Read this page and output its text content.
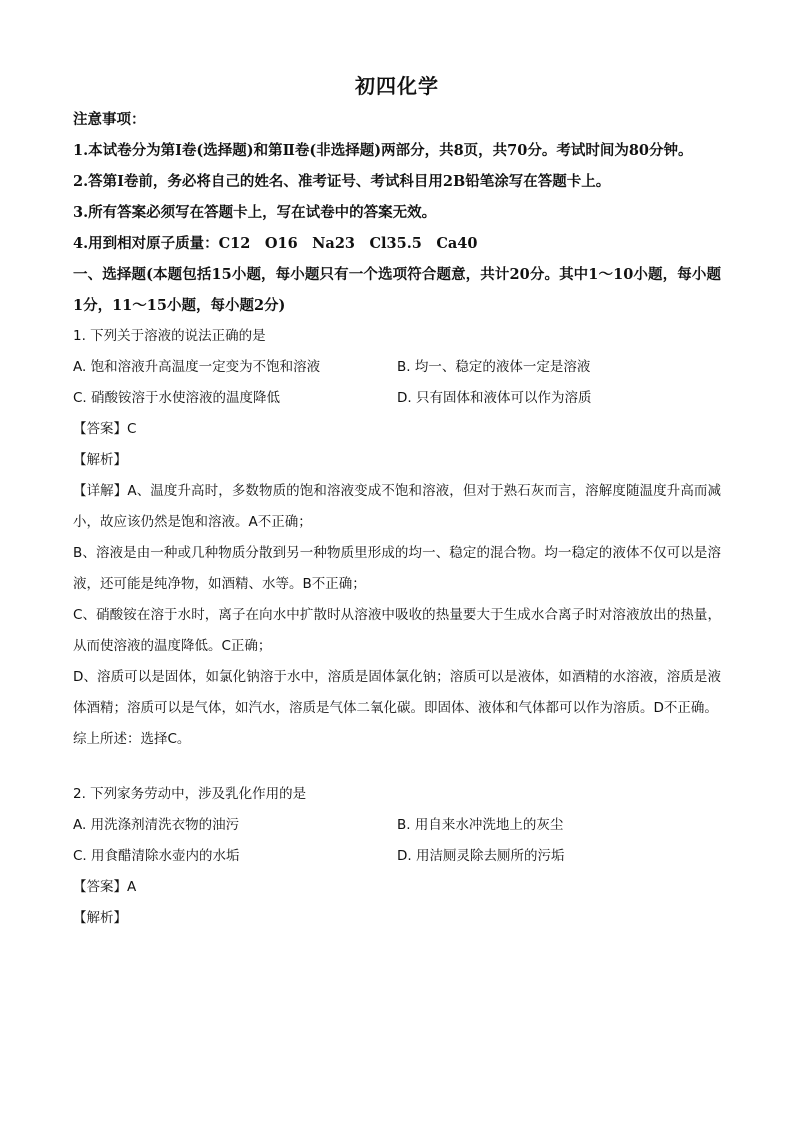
初四化学
注意事项：
1.本试卷分为第Ⅰ卷(选择题)和第Ⅱ卷(非选择题)两部分，共8页，共70分。考试时间为80分钟。
2.答第Ⅰ卷前，务必将自己的姓名、准考证号、考试科目用2B铅笔涂写在答题卡上。
3.所有答案必须写在答题卡上，写在试卷中的答案无效。
4.用到相对原子质量：C12　O16　Na23　Cl35.5　Ca40
一、选择题(本题包括15小题，每小题只有一个选项符合题意，共计20分。其中1～10小题，每小题1分，11～15小题，每小题2分)
1. 下列关于溶液的说法正确的是
A. 饱和溶液升高温度一定变为不饱和溶液	B. 均一、稳定的液体一定是溶液
C. 硝酸铵溶于水使溶液的温度降低	D. 只有固体和液体可以作为溶质
【答案】C
【解析】
【详解】A、温度升高时，多数物质的饱和溶液变成不饱和溶液，但对于熟石灰而言，溶解度随温度升高而减小，故应该仍然是饱和溶液。A不正确；
B、溶液是由一种或几种物质分散到另一种物质里形成的均一、稳定的混合物。均一稳定的液体不仅可以是溶液，还可能是纯净物，如酒精、水等。B不正确；
C、硝酸铵在溶于水时，离子在向水中扩散时从溶液中吸收的热量要大于生成水合离子时对溶液放出的热量，从而使溶液的温度降低。C正确；
D、溶质可以是固体，如氯化钠溶于水中，溶质是固体氯化钠；溶质可以是液体，如酒精的水溶液，溶质是液体酒精；溶质可以是气体，如汽水，溶质是气体二氧化碳。即固体、液体和气体都可以作为溶质。D不正确。
综上所述：选择C。
2. 下列家务劳动中，涉及乳化作用的是
A. 用洗涤剂清洗衣物的油污	B. 用自来水冲洗地上的灰尘
C. 用食醋清除水壶内的水垢	D. 用洁厕灵除去厕所的污垢
【答案】A
【解析】
